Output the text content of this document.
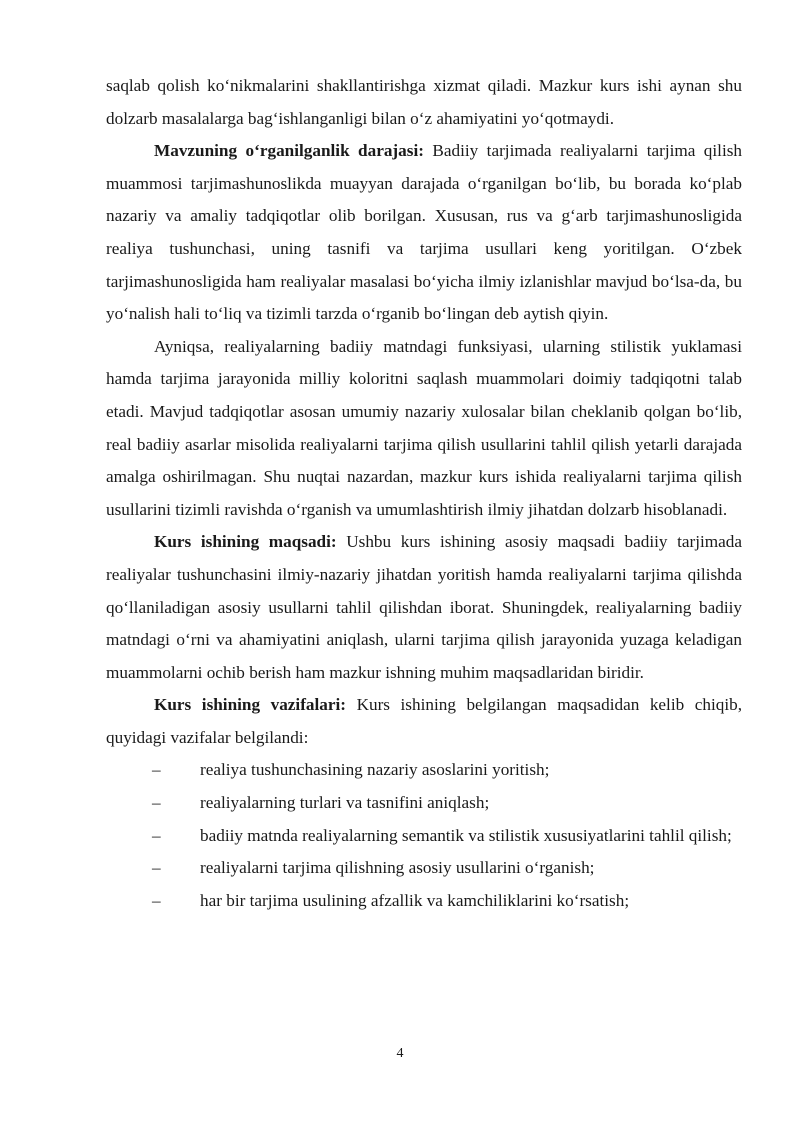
saqlab qolish ko‘nikmalarini shakllantirishga xizmat qiladi. Mazkur kurs ishi aynan shu dolzarb masalalarga bag‘ishlanganligi bilan o‘z ahamiyatini yo‘qotmaydi.

Mavzuning o‘rganilganlik darajasi: Badiiy tarjimada realiyalarni tarjima qilish muammosi tarjimashunoslikda muayyan darajada o‘rganilgan bo‘lib, bu borada ko‘plab nazariy va amaliy tadqiqotlar olib borilgan. Xususan, rus va g‘arb tarjimashunosligida realiya tushunchasi, uning tasnifi va tarjima usullari keng yoritilgan. O‘zbek tarjimashunosligida ham realiyalar masalasi bo‘yicha ilmiy izlanishlar mavjud bo‘lsa-da, bu yo‘nalish hali to‘liq va tizimli tarzda o‘rganib bo‘lingan deb aytish qiyin.

Ayniqsa, realiyalarning badiiy matndagi funksiyasi, ularning stilistik yuklamasi hamda tarjima jarayonida milliy koloritni saqlash muammolari doimiy tadqiqotni talab etadi. Mavjud tadqiqotlar asosan umumiy nazariy xulosalar bilan cheklanib qolgan bo‘lib, real badiiy asarlar misolida realiyalarni tarjima qilish usullarini tahlil qilish yetarli darajada amalga oshirilmagan. Shu nuqtai nazardan, mazkur kurs ishida realiyalarni tarjima qilish usullarini tizimli ravishda o‘rganish va umumlashtirish ilmiy jihatdan dolzarb hisoblanadi.

Kurs ishining maqsadi: Ushbu kurs ishining asosiy maqsadi badiiy tarjimada realiyalar tushunchasini ilmiy-nazariy jihatdan yoritish hamda realiyalarni tarjima qilishda qo‘llaniladigan asosiy usullarni tahlil qilishdan iborat. Shuningdek, realiyalarning badiiy matndagi o‘rni va ahamiyatini aniqlash, ularni tarjima qilish jarayonida yuzaga keladigan muammolarni ochib berish ham mazkur ishning muhim maqsadlaridan biridir.

Kurs ishining vazifalari: Kurs ishining belgilangan maqsadidan kelib chiqib, quyidagi vazifalar belgilandi:

– realiya tushunchasining nazariy asoslarini yoritish;

– realiyalarning turlari va tasnifini aniqlash;

– badiiy matnda realiyalarning semantik va stilistik xususiyatlarini tahlil qilish;

– realiyalarni tarjima qilishning asosiy usullarini o‘rganish;

– har bir tarjima usulining afzallik va kamchiliklarini ko‘rsatish;

4
